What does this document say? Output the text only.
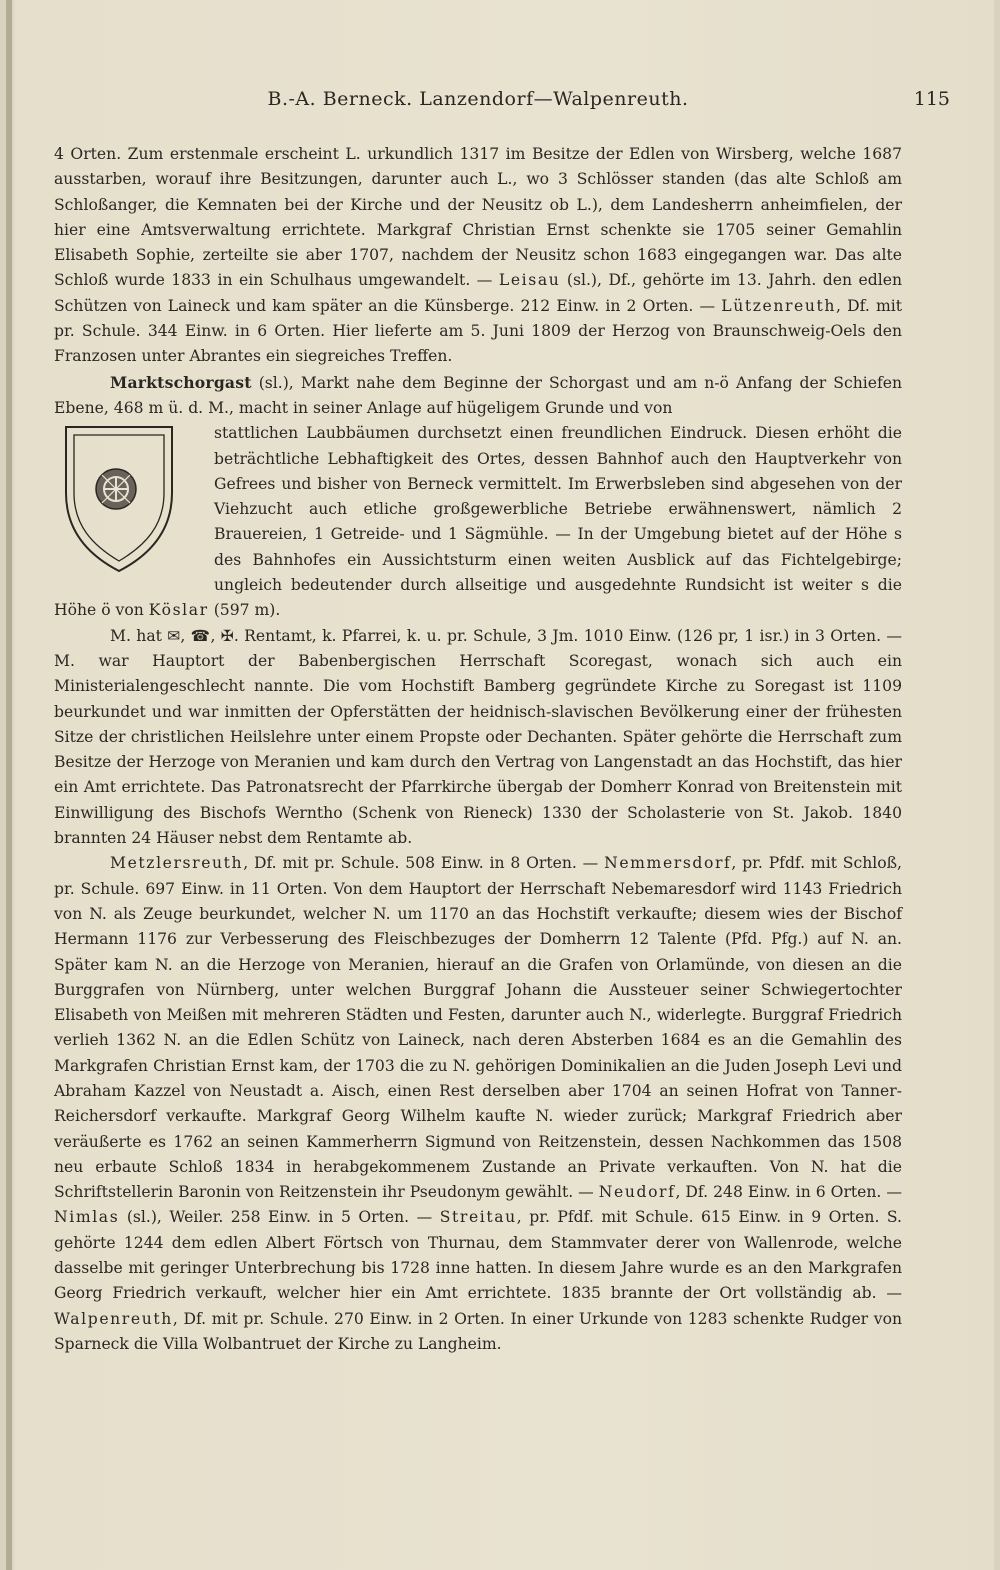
B.-A. Berneck. Lanzendorf—Walpenreuth.	115

4 Orten. Zum erstenmale erscheint L. urkundlich 1317 im Besitze der Edlen von Wirsberg, welche 1687 ausstarben, worauf ihre Besitzungen, darunter auch L., wo 3 Schlösser standen (das alte Schloß am Schloßanger, die Kemnaten bei der Kirche und der Neusitz ob L.), dem Landesherrn anheimfielen, der hier eine Amtsverwaltung errichtete. Markgraf Christian Ernst schenkte sie 1705 seiner Gemahlin Elisabeth Sophie, zerteilte sie aber 1707, nachdem der Neusitz schon 1683 eingegangen war. Das alte Schloß wurde 1833 in ein Schulhaus umgewandelt. — Leisau (sl.), Df., gehörte im 13. Jahrh. den edlen Schützen von Laineck und kam später an die Künsberge. 212 Einw. in 2 Orten. — Lützenreuth, Df. mit pr. Schule. 344 Einw. in 6 Orten. Hier lieferte am 5. Juni 1809 der Herzog von Braunschweig-Oels den Franzosen unter Abrantes ein siegreiches Treffen.

Marktschorgast (sl.), Markt nahe dem Beginne der Schorgast und am n-ö Anfang der Schiefen Ebene, 468 m ü. d. M., macht in seiner Anlage auf hügeligem Grunde und von

stattlichen Laubbäumen durchsetzt einen freundlichen Eindruck. Diesen erhöht die beträchtliche Lebhaftigkeit des Ortes, dessen Bahnhof auch den Hauptverkehr von Gefrees und bisher von Berneck vermittelt. Im Erwerbsleben sind abgesehen von der Viehzucht auch etliche großgewerbliche Betriebe erwähnenswert, nämlich 2 Brauereien, 1 Getreide- und 1 Sägmühle. — In der Umgebung bietet auf der Höhe s des Bahnhofes ein Aussichtsturm einen weiten Ausblick auf das Fichtelgebirge; ungleich bedeutender durch allseitige und ausgedehnte Rundsicht ist weiter s die Höhe ö von Köslar (597 m).

M. hat ✉, ☎, ✠. Rentamt, k. Pfarrei, k. u. pr. Schule, 3 Jm. 1010 Einw. (126 pr, 1 isr.) in 3 Orten. — M. war Hauptort der Babenbergischen Herrschaft Scoregast, wonach sich auch ein Ministerialengeschlecht nannte. Die vom Hochstift Bamberg gegründete Kirche zu Soregast ist 1109 beurkundet und war inmitten der Opferstätten der heidnisch-slavischen Bevölkerung einer der frühesten Sitze der christlichen Heilslehre unter einem Propste oder Dechanten. Später gehörte die Herrschaft zum Besitze der Herzoge von Meranien und kam durch den Vertrag von Langenstadt an das Hochstift, das hier ein Amt errichtete. Das Patronatsrecht der Pfarrkirche übergab der Domherr Konrad von Breitenstein mit Einwilligung des Bischofs Wernthо (Schenk von Rieneck) 1330 der Scholasterie von St. Jakob. 1840 brannten 24 Häuser nebst dem Rentamte ab.

Metzlersreuth, Df. mit pr. Schule. 508 Einw. in 8 Orten. — Nemmersdorf, pr. Pfdf. mit Schloß, pr. Schule. 697 Einw. in 11 Orten. Von dem Hauptort der Herrschaft Nebemaresdorf wird 1143 Friedrich von N. als Zeuge beurkundet, welcher N. um 1170 an das Hochstift verkaufte; diesem wies der Bischof Hermann 1176 zur Verbesserung des Fleischbezuges der Domherrn 12 Talente (Pfd. Pfg.) auf N. an. Später kam N. an die Herzoge von Meranien, hierauf an die Grafen von Orlamünde, von diesen an die Burggrafen von Nürnberg, unter welchen Burggraf Johann die Aussteuer seiner Schwiegertochter Elisabeth von Meißen mit mehreren Städten und Festen, darunter auch N., widerlegte. Burggraf Friedrich verlieh 1362 N. an die Edlen Schütz von Laineck, nach deren Absterben 1684 es an die Gemahlin des Markgrafen Christian Ernst kam, der 1703 die zu N. gehörigen Dominikalien an die Juden Joseph Levi und Abraham Kazzel von Neustadt a. Aisch, einen Rest derselben aber 1704 an seinen Hofrat von Tanner-Reichersdorf verkaufte. Markgraf Georg Wilhelm kaufte N. wieder zurück; Markgraf Friedrich aber veräußerte es 1762 an seinen Kammerherrn Sigmund von Reitzenstein, dessen Nachkommen das 1508 neu erbaute Schloß 1834 in herabgekommenem Zustande an Private verkauften. Von N. hat die Schriftstellerin Baronin von Reitzenstein ihr Pseudonym gewählt. — Neudorf, Df. 248 Einw. in 6 Orten. — Nimlas (sl.), Weiler. 258 Einw. in 5 Orten. — Streitau, pr. Pfdf. mit Schule. 615 Einw. in 9 Orten. S. gehörte 1244 dem edlen Albert Förtsch von Thurnau, dem Stammvater derer von Wallenrode, welche dasselbe mit geringer Unterbrechung bis 1728 inne hatten. In diesem Jahre wurde es an den Markgrafen Georg Friedrich verkauft, welcher hier ein Amt errichtete. 1835 brannte der Ort vollständig ab. — Walpenreuth, Df. mit pr. Schule. 270 Einw. in 2 Orten. In einer Urkunde von 1283 schenkte Rudger von Sparneck die Villa Wolbantruet der Kirche zu Langheim.
